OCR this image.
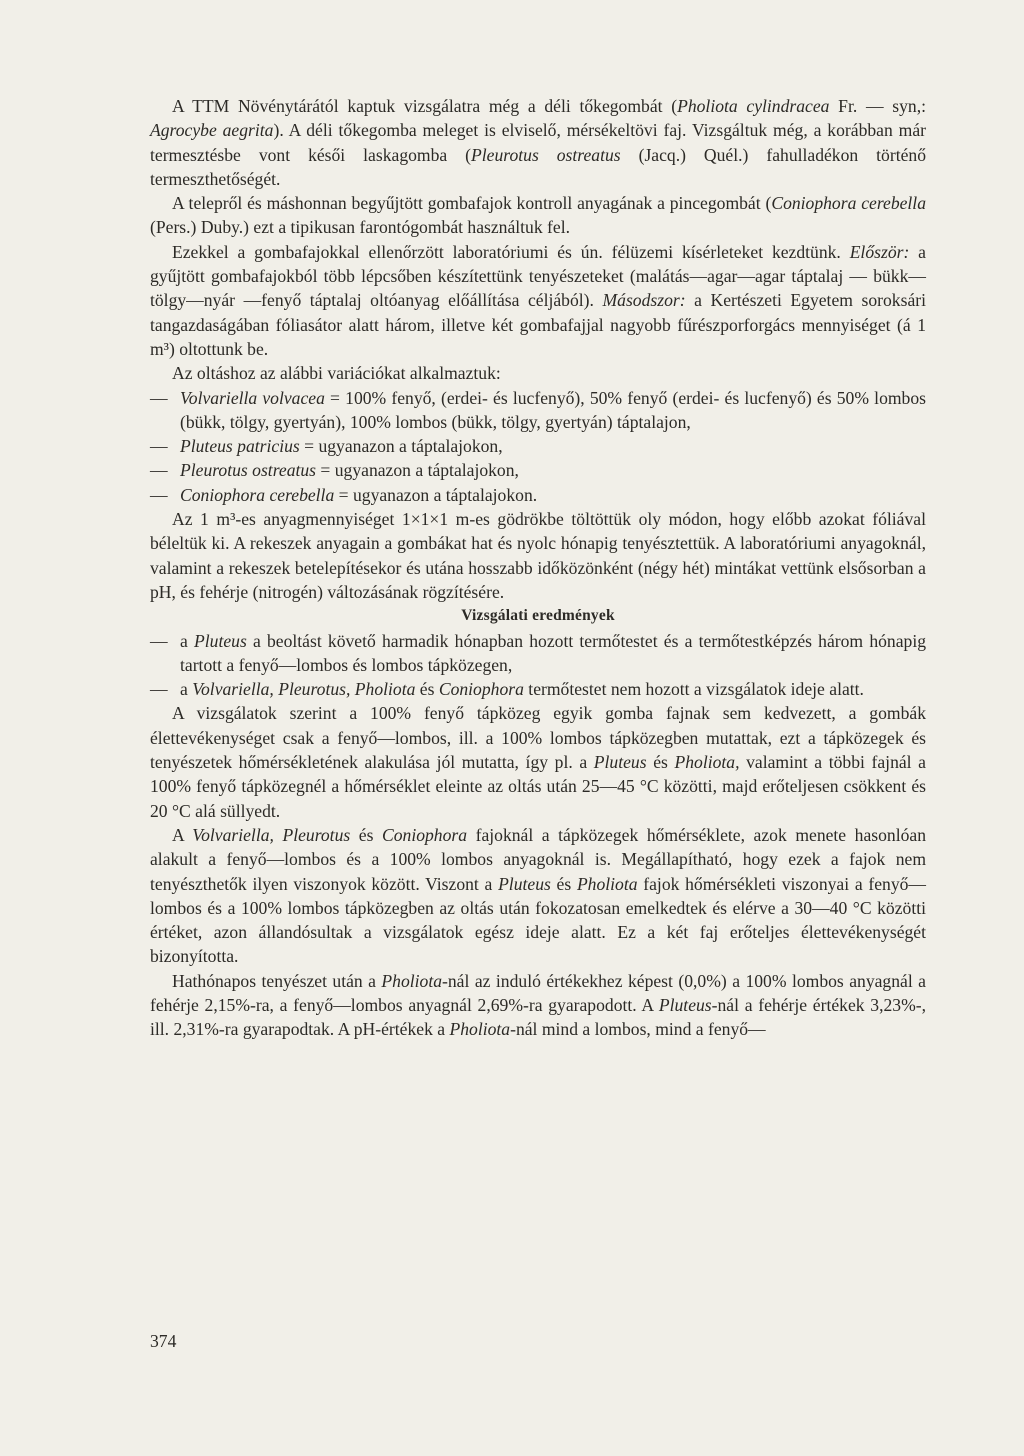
A TTM Növénytárától kaptuk vizsgálatra még a déli tőkegombát (Pholiota cylindracea Fr. — syn,: Agrocybe aegrita). A déli tőkegomba meleget is elviselő, mérsékeltövi faj. Vizsgáltuk még, a korábban már termesztésbe vont késői laskagomba (Pleurotus ostreatus (Jacq.) Quél.) fahulladékon történő termeszthetőségét.

A telepről és máshonnan begyűjtött gombafajok kontroll anyagának a pincegombát (Coniophora cerebella (Pers.) Duby.) ezt a tipikusan farontógombát használtuk fel.

Ezekkel a gombafajokkal ellenőrzött laboratóriumi és ún. félüzemi kísérleteket kezdtünk. Először: a gyűjtött gombafajokból több lépcsőben készítettünk tenyészeteket (malátás—agar—agar táptalaj — bükk—tölgy—nyár —fenyő táptalaj oltóanyag előállítása céljából). Másodszor: a Kertészeti Egyetem soroksári tangazdaságában fóliasátor alatt három, illetve két gombafajjal nagyobb fűrészporforgács mennyiséget (á 1 m³) oltottunk be.

Az oltáshoz az alábbi variációkat alkalmaztuk:

— Volvariella volvacea = 100% fenyő, (erdei- és lucfenyő), 50% fenyő (erdei- és lucfenyő) és 50% lombos (bükk, tölgy, gyertyán), 100% lombos (bükk, tölgy, gyertyán) táptalajon,

— Pluteus patricius = ugyanazon a táptalajokon,

— Pleurotus ostreatus = ugyanazon a táptalajokon,

— Coniophora cerebella = ugyanazon a táptalajokon.

Az 1 m³-es anyagmennyiséget 1×1×1 m-es gödrökbe töltöttük oly módon, hogy előbb azokat fóliával béleltük ki. A rekeszek anyagain a gombákat hat és nyolc hónapig tenyésztettük. A laboratóriumi anyagoknál, valamint a rekeszek betelepítésekor és utána hosszabb időközönként (négy hét) mintákat vettünk elsősorban a pH, és fehérje (nitrogén) változásának rögzítésére.

Vizsgálati eredmények

— a Pluteus a beoltást követő harmadik hónapban hozott termőtestet és a termőtestképzés három hónapig tartott a fenyő—lombos és lombos tápközegen,

— a Volvariella, Pleurotus, Pholiota és Coniophora termőtestet nem hozott a vizsgálatok ideje alatt.

A vizsgálatok szerint a 100% fenyő tápközeg egyik gomba fajnak sem kedvezett, a gombák élettevékenységet csak a fenyő—lombos, ill. a 100% lombos tápközegben mutattak, ezt a tápközegek és tenyészetek hőmérsékletének alakulása jól mutatta, így pl. a Pluteus és Pholiota, valamint a többi fajnál a 100% fenyő tápközegnél a hőmérséklet eleinte az oltás után 25—45 °C közötti, majd erőteljesen csökkent és 20 °C alá süllyedt.

A Volvariella, Pleurotus és Coniophora fajoknál a tápközegek hőmérséklete, azok menete hasonlóan alakult a fenyő—lombos és a 100% lombos anyagoknál is. Megállapítható, hogy ezek a fajok nem tenyészthetők ilyen viszonyok között. Viszont a Pluteus és Pholiota fajok hőmérsékleti viszonyai a fenyő—lombos és a 100% lombos tápközegben az oltás után fokozatosan emelkedtek és elérve a 30—40 °C közötti értéket, azon állandósultak a vizsgálatok egész ideje alatt. Ez a két faj erőteljes élettevékenységét bizonyította.

Hathónapos tenyészet után a Pholiota-nál az induló értékekhez képest (0,0%) a 100% lombos anyagnál a fehérje 2,15%-ra, a fenyő—lombos anyagnál 2,69%-ra gyarapodott. A Pluteus-nál a fehérje értékek 3,23%-, ill. 2,31%-ra gyarapodtak. A pH-értékek a Pholiota-nál mind a lombos, mind a fenyő—

374
